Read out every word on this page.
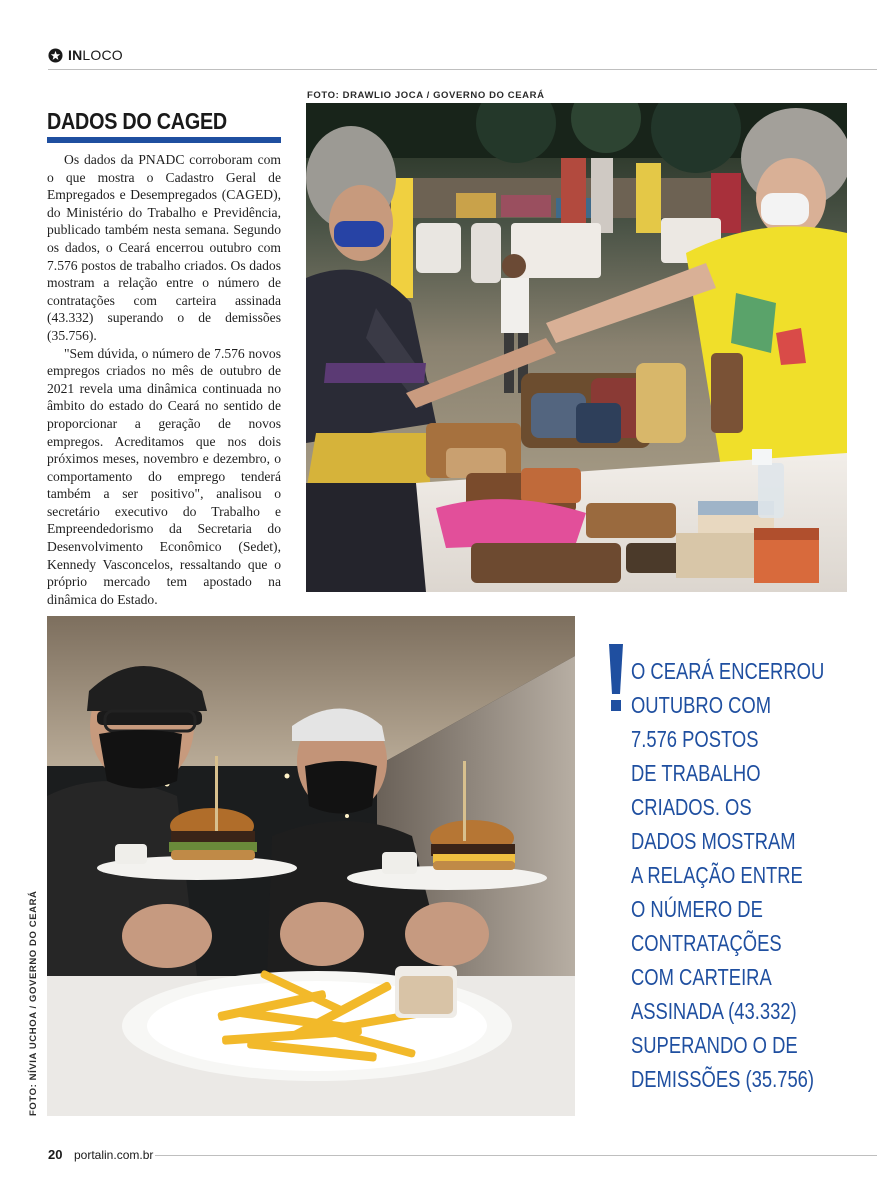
INLOCO
FOTO: DRAWLIO JOCA / GOVERNO DO CEARÁ
DADOS DO CAGED

Os dados da PNADC corroboram com o que mostra o Cadastro Geral de Empregados e Desempregados (CAGED), do Ministério do Trabalho e Previdência, publicado também nesta semana. Segundo os dados, o Ceará encerrou outubro com 7.576 postos de trabalho criados. Os dados mostram a relação entre o número de contratações com carteira assinada (43.332) superando o de demissões (35.756).

"Sem dúvida, o número de 7.576 novos empregos criados no mês de outubro de 2021 revela uma dinâmica continuada no âmbito do estado do Ceará no sentido de proporcionar a geração de novos empregos. Acreditamos que nos dois próximos meses, novembro e dezembro, o comportamento do emprego tenderá também a ser positivo", analisou o secretário executivo do Trabalho e Empreendedorismo da Secretaria do Desenvolvimento Econômico (Sedet), Kennedy Vasconcelos, ressaltando que o próprio mercado tem apostado na dinâmica do Estado.

FOTO: NÍVIA UCHOA / GOVERNO DO CEARÁ
O CEARÁ ENCERROU
OUTUBRO COM
7.576 POSTOS
DE TRABALHO
CRIADOS. OS
DADOS MOSTRAM
A RELAÇÃO ENTRE
O NÚMERO DE
CONTRATAÇÕES
COM CARTEIRA
ASSINADA (43.332)
SUPERANDO O DE
DEMISSÕES (35.756)
20 portalin.com.br
